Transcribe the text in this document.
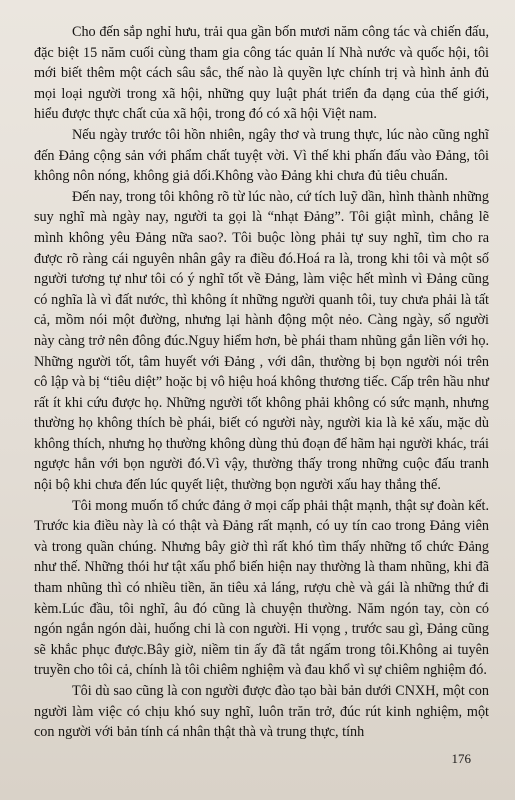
Cho đến sắp nghỉ hưu, trải qua gần bốn mươi năm công tác và chiến đấu, đặc biệt 15 năm cuối cùng tham gia công tác quản lí Nhà nước và quốc hội, tôi mới biết thêm một cách sâu sắc, thế nào là quyền lực chính trị và hình ảnh đủ mọi loại người trong xã hội, những quy luật phát triển đa dạng của thế giới, hiểu được thực chất của xã hội, trong đó có xã hội Việt nam.

Nếu ngày trước tôi hồn nhiên, ngây thơ và trung thực, lúc nào cũng nghĩ đến Đảng cộng sản với phẩm chất tuyệt vời. Vì thế khi phấn đấu vào Đảng, tôi không nôn nóng, không giả dối.Không vào Đảng khi chưa đủ tiêu chuẩn.

Đến nay, trong tôi không rõ từ lúc nào, cứ tích luỹ dần, hình thành những suy nghĩ mà ngày nay, người ta gọi là “nhạt Đảng”. Tôi giật mình, chẳng lẽ mình không yêu Đảng nữa sao?. Tôi buộc lòng phải tự suy nghĩ, tìm cho ra được rõ ràng cái nguyên nhân gây ra điều đó.Hoá ra là, trong khi tôi và một số người tương tự như tôi có ý nghĩ tốt về Đảng, làm việc hết mình vì Đảng cũng có nghĩa là vì đất nước, thì không ít những người quanh tôi, tuy chưa phải là tất cả, mồm nói một đường, nhưng lại hành động một nẻo. Càng ngày, số người này càng trở nên đông đúc.Nguy hiểm hơn, bè phái tham nhũng gắn liền với họ. Những người tốt, tâm huyết với Đảng , với dân, thường bị bọn người nói trên cô lập và bị “tiêu diệt” hoặc bị vô hiệu hoá không thương tiếc. Cấp trên hầu như rất ít khi cứu được họ. Những người tốt không phải không có sức mạnh, nhưng thường họ không thích bè phái, biết có người này, người kia là kẻ xấu, mặc dù không thích, nhưng họ thường không dùng thủ đoạn để hãm hại người khác, trái ngược hẳn với bọn người đó.Vì vậy, thường thấy trong những cuộc đấu tranh nội bộ khi chưa đến lúc quyết liệt, thường bọn người xấu hay thắng thế.

Tôi mong muốn tổ chức đảng ở mọi cấp phải thật mạnh, thật sự đoàn kết. Trước kia điều này là có thật và Đảng rất mạnh, có uy tín cao trong Đảng viên và trong quần chúng. Nhưng bây giờ thì rất khó tìm thấy những tổ chức Đảng như thế. Những thói hư tật xấu phổ biến hiện nay thường là tham nhũng, khi đã tham nhũng thì có nhiều tiền, ăn tiêu xả láng, rượu chè và gái là những thứ đi kèm.Lúc đầu, tôi nghĩ, âu đó cũng là chuyện thường. Năm ngón tay, còn có ngón ngắn ngón dài, huống chi là con người. Hi vọng , trước sau gì, Đảng cũng sẽ khắc phục được.Bây giờ, niềm tin ấy đã tắt ngấm trong tôi.Không ai tuyên truyền cho tôi cả, chính là tôi chiêm nghiệm và đau khổ vì sự chiêm nghiệm đó.

Tôi dù sao cũng là con người được đào tạo bài bản dưới CNXH, một con người làm việc có chịu khó suy nghĩ, luôn trăn trở, đúc rút kinh nghiệm, một con người với bản tính cá nhân thật thà và trung thực, tính

176
